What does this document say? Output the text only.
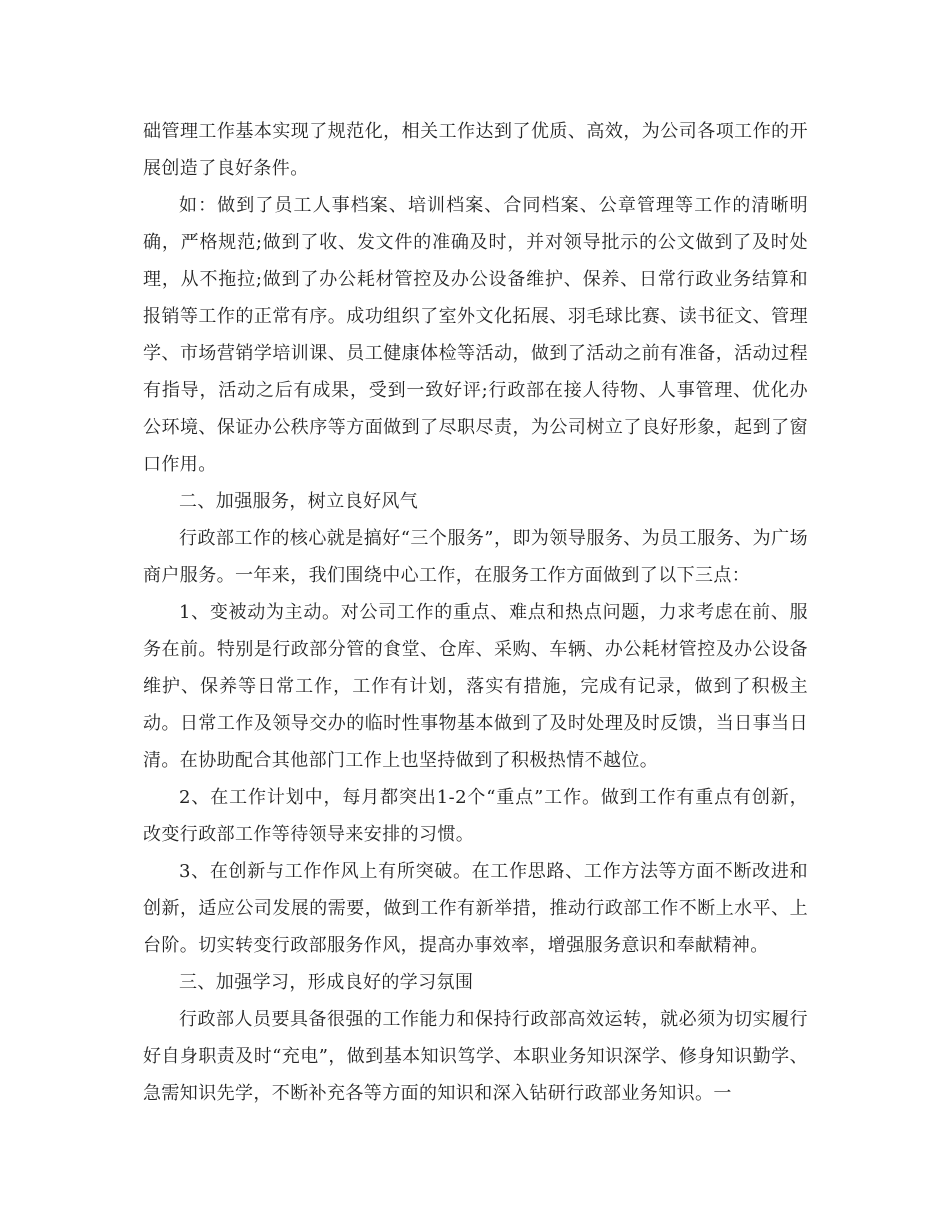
础管理工作基本实现了规范化，相关工作达到了优质、高效，为公司各项工作的开展创造了良好条件。

如：做到了员工人事档案、培训档案、合同档案、公章管理等工作的清晰明确，严格规范;做到了收、发文件的准确及时，并对领导批示的公文做到了及时处理，从不拖拉;做到了办公耗材管控及办公设备维护、保养、日常行政业务结算和报销等工作的正常有序。成功组织了室外文化拓展、羽毛球比赛、读书征文、管理学、市场营销学培训课、员工健康体检等活动，做到了活动之前有准备，活动过程有指导，活动之后有成果，受到一致好评;行政部在接人待物、人事管理、优化办公环境、保证办公秩序等方面做到了尽职尽责，为公司树立了良好形象，起到了窗口作用。

二、加强服务，树立良好风气

行政部工作的核心就是搞好“三个服务”，即为领导服务、为员工服务、为广场商户服务。一年来，我们围绕中心工作，在服务工作方面做到了以下三点：

1、变被动为主动。对公司工作的重点、难点和热点问题，力求考虑在前、服务在前。特别是行政部分管的食堂、仓库、采购、车辆、办公耗材管控及办公设备维护、保养等日常工作，工作有计划，落实有措施，完成有记录，做到了积极主动。日常工作及领导交办的临时性事物基本做到了及时处理及时反馈，当日事当日清。在协助配合其他部门工作上也坚持做到了积极热情不越位。

2、在工作计划中，每月都突出1-2个“重点”工作。做到工作有重点有创新，改变行政部工作等待领导来安排的习惯。

3、在创新与工作作风上有所突破。在工作思路、工作方法等方面不断改进和创新，适应公司发展的需要，做到工作有新举措，推动行政部工作不断上水平、上台阶。切实转变行政部服务作风，提高办事效率，增强服务意识和奉献精神。

三、加强学习，形成良好的学习氛围

行政部人员要具备很强的工作能力和保持行政部高效运转，就必须为切实履行好自身职责及时“充电”，做到基本知识笃学、本职业务知识深学、修身知识勤学、急需知识先学，不断补充各等方面的知识和深入钻研行政部业务知识。一
